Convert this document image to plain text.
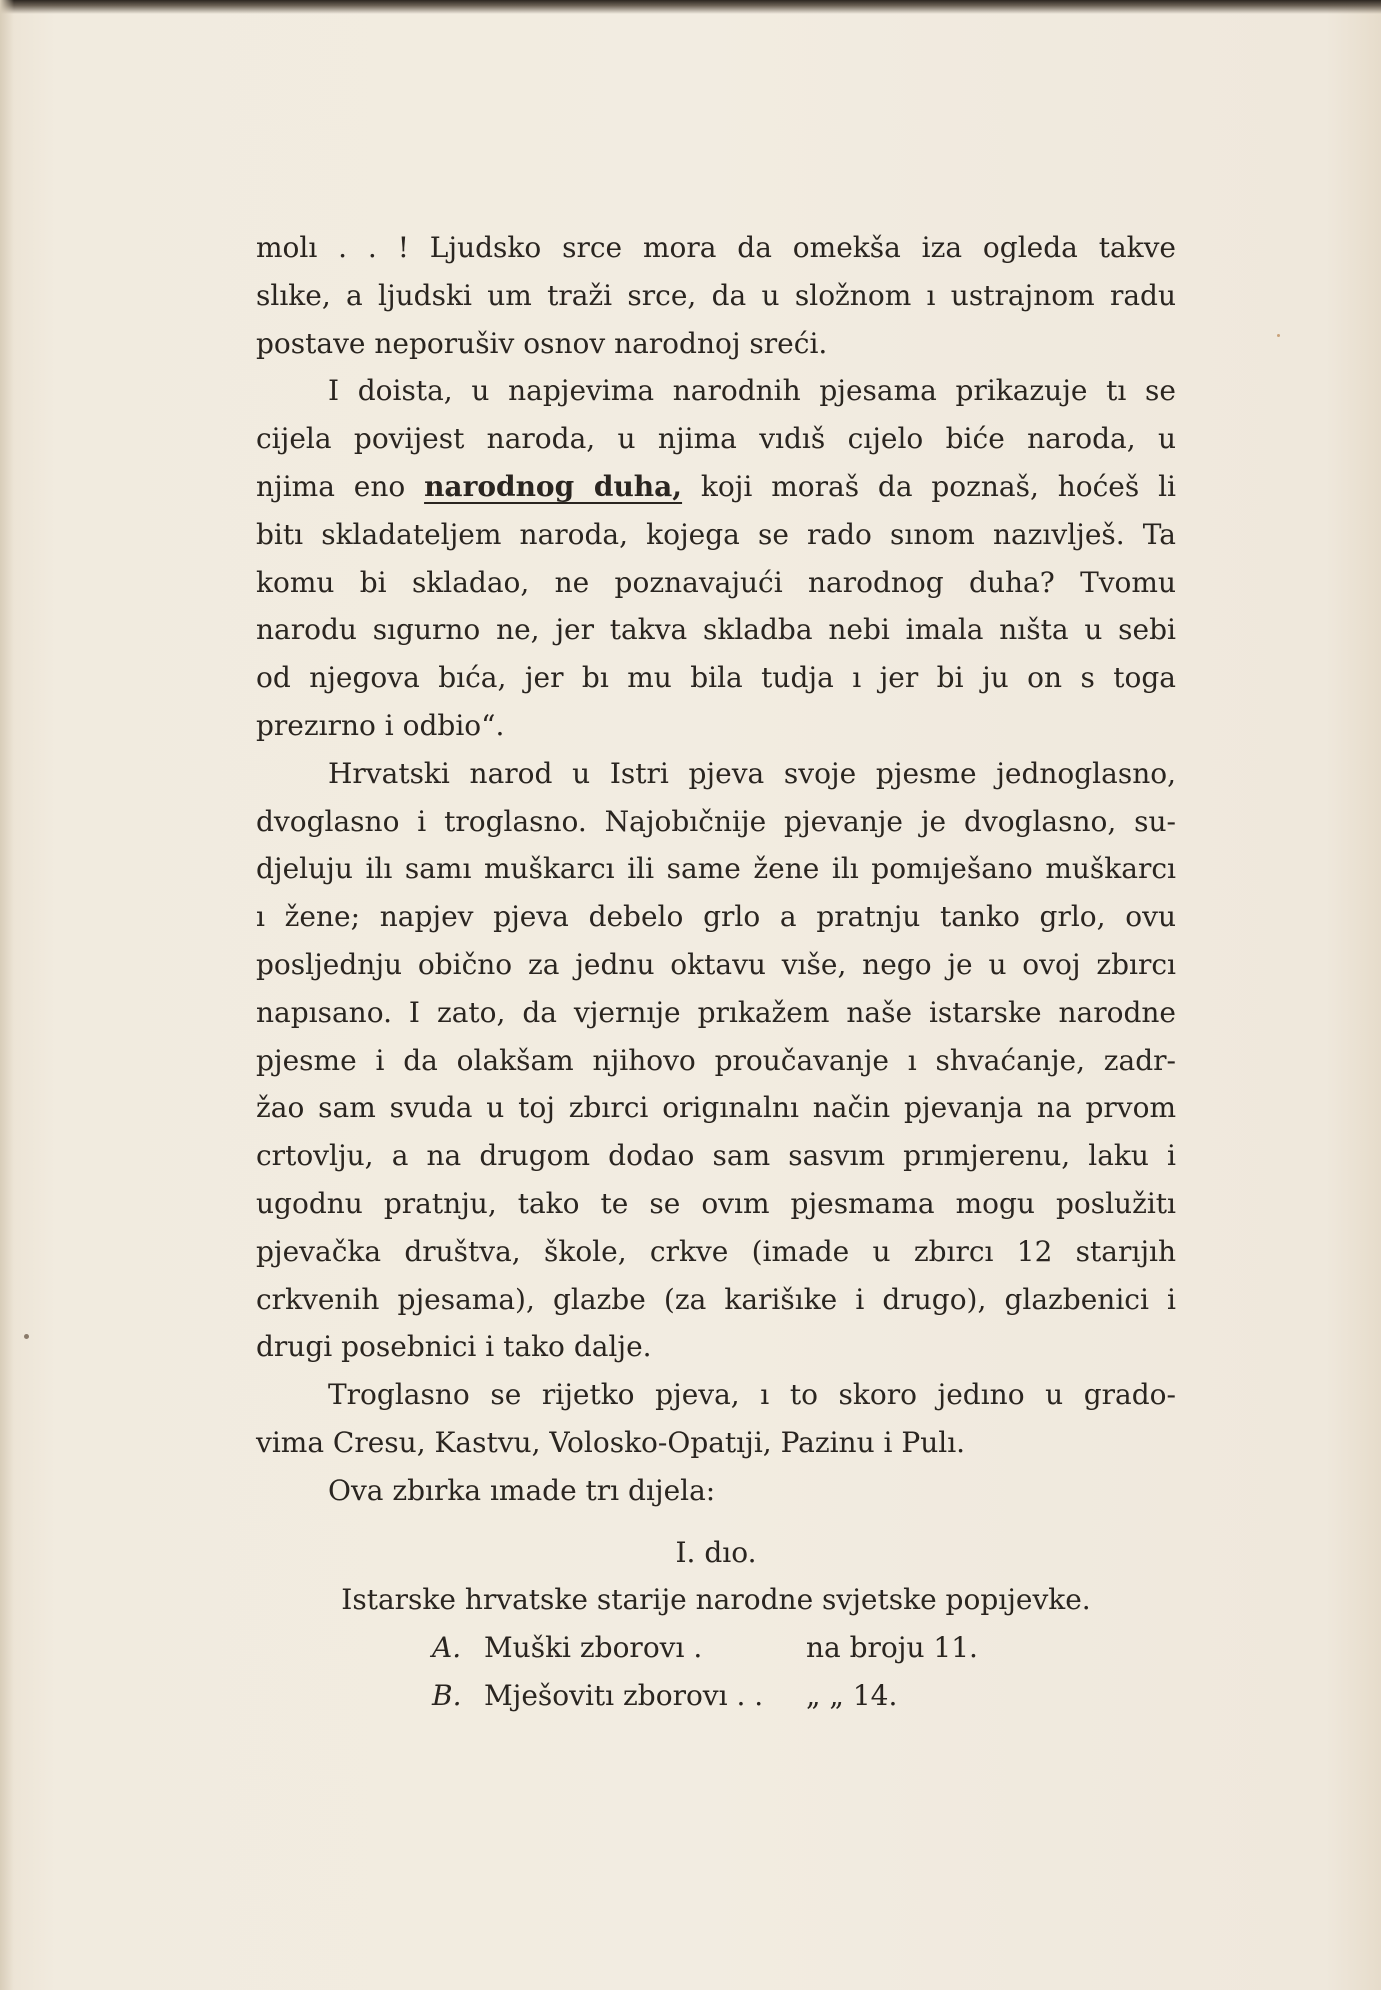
molı . . ! Ljudsko srce mora da omekša iza ogleda takve
slıke, a ljudski um traži srce, da u složnom ı ustrajnom radu
postave neporušiv osnov narodnoj sreći.
I doista, u napjevima narodnih pjesama prikazuje tı se
cijela povijest naroda, u njima vıdıš cıjelo biće naroda, u
njima eno narodnog duha, koji moraš da poznaš, hoćeš li
bitı skladateljem naroda, kojega se rado sınom nazıvlješ. Ta
komu bi skladao, ne poznavajući narodnog duha? Tvomu
narodu sıgurno ne, jer takva skladba nebi imala nıšta u sebi
od njegova bıća, jer bı mu bila tudja ı jer bi ju on s toga
prezırno i odbio“.
Hrvatski narod u Istri pjeva svoje pjesme jednoglasno,
dvoglasno i troglasno. Najobıčnije pjevanje je dvoglasno, su-
djeluju ilı samı muškarcı ili same žene ilı pomıješano muškarcı
ı žene; napjev pjeva debelo grlo a pratnju tanko grlo, ovu
posljednju obično za jednu oktavu vıše, nego je u ovoj zbırcı
napısano. I zato, da vjernıje prıkažem naše istarske narodne
pjesme i da olakšam njihovo proučavanje ı shvaćanje, zadr-
žao sam svuda u toj zbırci origınalnı način pjevanja na prvom
crtovlju, a na drugom dodao sam sasvım prımjerenu, laku i
ugodnu pratnju, tako te se ovım pjesmama mogu poslužitı
pjevačka društva, škole, crkve (imade u zbırcı 12 starıjıh
crkvenih pjesama), glazbe (za karišıke i drugo), glazbenici i
drugi posebnici i tako dalje.
Troglasno se rijetko pjeva, ı to skoro jedıno u grado-
vima Cresu, Kastvu, Volosko-Opatıji, Pazinu i Pulı.
Ova zbırka ımade trı dıjela:
I. dıo.
Istarske hrvatske starije narodne svjetske popıjevke.
A. Muški zborovı .	na broju 11.
B. Mješovitı zborovı . . „ „ 14.
